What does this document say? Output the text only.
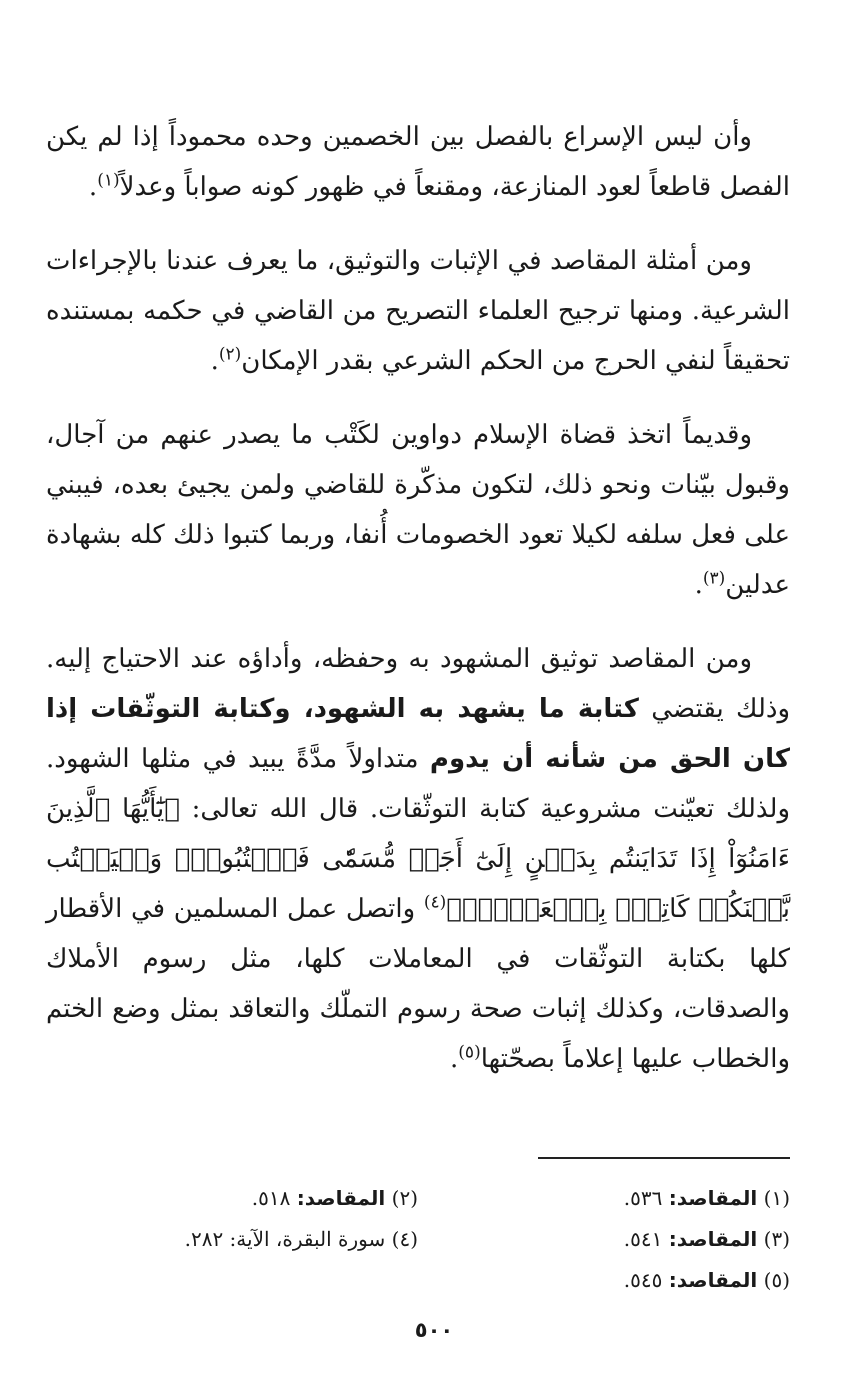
وأن ليس الإسراع بالفصل بين الخصمين وحده محموداً إذا لم يكن الفصل قاطعاً لعود المنازعة، ومقنعاً في ظهور كونه صواباً وعدلاً$^{(١)}$.

ومن أمثلة المقاصد في الإثبات والتوثيق، ما يعرف عندنا بالإجراءات الشرعية. ومنها ترجيح العلماء التصريح من القاضي في حكمه بمستنده تحقيقاً لنفي الحرج من الحكم الشرعي بقدر الإمكان$^{(٢)}$.

وقديماً اتخذ قضاة الإسلام دواوين لكَتْب ما يصدر عنهم من آجال، وقبول بيّنات ونحو ذلك، لتكون مذكّرة للقاضي ولمن يجيئ بعده، فيبني على فعل سلفه لكيلا تعود الخصومات أُنفا، وربما كتبوا ذلك كله بشهادة عدلين$^{(٣)}$.

ومن المقاصد توثيق المشهود به وحفظه، وأداؤه عند الاحتياج إليه. وذلك يقتضي كتابة ما يشهد به الشهود، وكتابة التوثّقات إذا كان الحق من شأنه أن يدوم متداولاً مدَّةً يبيد في مثلها الشهود. ولذلك تعيّنت مشروعية كتابة التوثّقات. قال الله تعالى: ﴿يَٰٓأَيُّهَا ٱلَّذِينَ ءَامَنُوٓاْ إِذَا تَدَايَنتُم بِدَيۡنٍ إِلَىٰٓ أَجَلٖ مُّسَمّٗى فَٱكۡتُبُوهُۚ وَلۡيَكۡتُب بَّيۡنَكُمۡ كَاتِبُۢ بِٱلۡعَدۡلِۚ﴾$^{(٤)}$ واتصل عمل المسلمين في الأقطار كلها بكتابة التوثّقات في المعاملات كلها، مثل رسوم الأملاك والصدقات، وكذلك إثبات صحة رسوم التملّك والتعاقد بمثل وضع الختم والخطاب عليها إعلاماً بصحّتها$^{(٥)}$.

(١) المقاصد: ٥٣٦.
(٢) المقاصد: ٥١٨.
(٣) المقاصد: ٥٤١.
(٤) سورة البقرة، الآية: ٢٨٢.
(٥) المقاصد: ٥٤٥.
٥٠٠
